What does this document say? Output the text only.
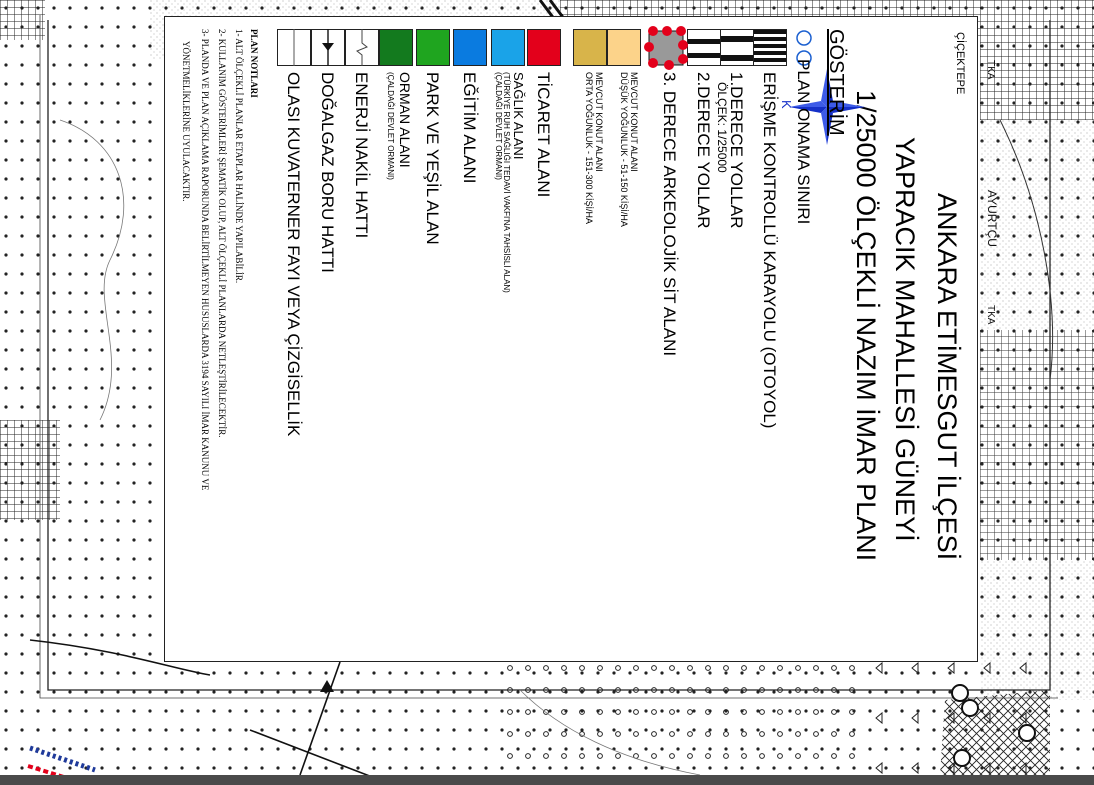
AYURTÇU
TKA
TKA
ANKARA ETİMESGUT İLÇESİ
YAPRACIK MAHALLESİ GÜNEYİ
1/25000 ÖLÇEKLİ NAZIM İMAR PLANI
ÇİÇEKTEPE
K
ÖLÇEK: 1/25000	GÖSTERİM
PLAN ONAMA SINIRI
ERİŞME KONTROLLÜ KARAYOLU (OTOYOL)
1.DERECE YOLLAR
2.DERECE YOLLAR
3. DERECE ARKEOLOJİK SİT ALANI
MEVCUT KONUT ALANI
DÜŞÜK YOĞUNLUK - 51-150 KİŞİ/HA
MEVCUT KONUT ALANI
ORTA YOĞUNLUK - 151-300 KİŞİ/HA
TİCARET ALANI
SAĞLIK ALANI
(TÜRKİYE RUH SAĞLIĞI TEDAVİ VAKFI'NA TAHSİSLİ ALAN)
(ÇALDAĞI DEVLET ORMANI)
EĞİTİM ALANI
PARK VE YEŞİL ALAN
ORMAN ALANI
(ÇALDAĞI DEVLET ORMANI)
ENERJİ NAKİL HATTI
DOĞALGAZ BORU HATTI
OLASI KUVATERNER FAYI VEYA ÇİZGİSELLİK
PLAN NOTLARI
1- ALT ÖLÇEKLİ PLANLAR ETAPLAR HALİNDE YAPILABİLİR.
2- KULLANIM GÖSTERİMLERİ ŞEMATİK OLUP, ALT ÖLÇEKLİ PLANLARDA NETLEŞTİRİLECEKTİR.
3- PLANDA VE PLAN AÇIKLAMA RAPORUNDA BELİRTİLMEYEN HUSUSLARDA 3194 SAYILI İMAR KANUNU VE
YÖNETMELİKLERİNE UYULACAKTIR.
